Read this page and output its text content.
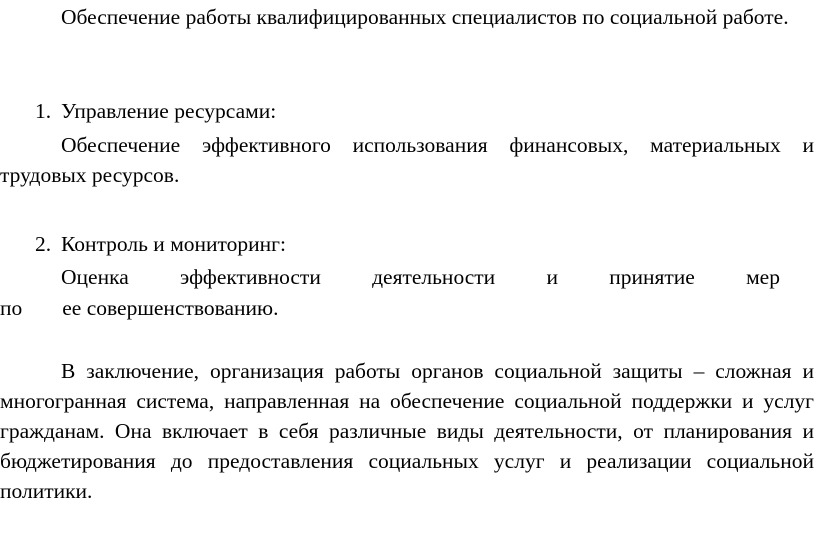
Обеспечение работы квалифицированных специалистов по социальной работе.

1. Управление ресурсами:

Обеспечение эффективного использования финансовых, материальных и трудовых ресурсов.

2. Контроль и мониторинг:

Оценка эффективности деятельности и принятие мер
по ее совершенствованию.

В заключение, организация работы органов социальной защиты – сложная и многогранная система, направленная на обеспечение социальной поддержки и услуг гражданам. Она включает в себя различные виды деятельности, от планирования и бюджетирования до предоставления социальных услуг и реализации социальной политики.
